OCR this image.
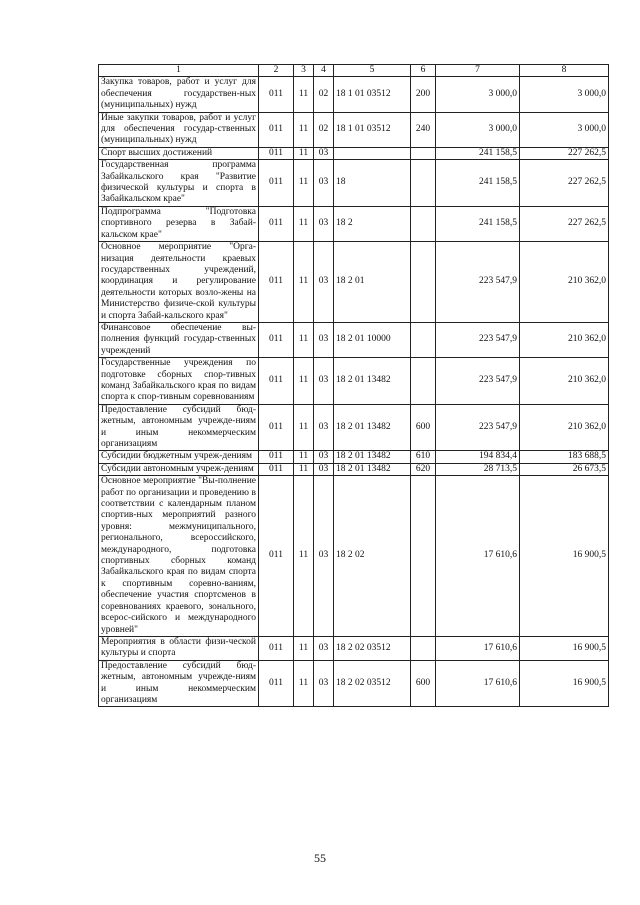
1	2	3	4	5	6	7	8
Закупка товаров, работ и услуг для обеспечения государствен-ных (муниципальных) нужд	011	11	02	18 1 01 03512	200	3 000,0	3 000,0
Иные закупки товаров, работ и услуг для обеспечения государ-ственных (муниципальных) нужд	011	11	02	18 1 01 03512	240	3 000,0	3 000,0
Спорт высших достижений	011	11	03			241 158,5	227 262,5
Государственная программа Забайкальского края "Развитие физической культуры и спорта в Забайкальском крае"	011	11	03	18		241 158,5	227 262,5
Подпрограмма "Подготовка спортивного резерва в Забай-кальском крае"	011	11	03	18 2		241 158,5	227 262,5
Основное мероприятие "Орга-низация деятельности краевых государственных учреждений, координация и регулирование деятельности которых возло-жены на Министерство физиче-ской культуры и спорта Забай-кальского края"	011	11	03	18 2 01		223 547,9	210 362,0
Финансовое обеспечение вы-полнения функций государ-ственных учреждений	011	11	03	18 2 01 10000		223 547,9	210 362,0
Государственные учреждения по подготовке сборных спор-тивных команд Забайкальского края по видам спорта к спор-тивным соревнованиям	011	11	03	18 2 01 13482		223 547,9	210 362,0
Предоставление субсидий бюд-жетным, автономным учрежде-ниям и иным некоммерческим организациям	011	11	03	18 2 01 13482	600	223 547,9	210 362,0
Субсидии бюджетным учреж-дениям	011	11	03	18 2 01 13482	610	194 834,4	183 688,5
Субсидии автономным учреж-дениям	011	11	03	18 2 01 13482	620	28 713,5	26 673,5
Основное мероприятие "Вы-полнение работ по организации и проведению в соответствии с календарным планом спортив-ных мероприятий разного уровня: межмуниципального, регионального, всероссийского, международного, подготовка спортивных сборных команд Забайкальского края по видам спорта к спортивным соревно-ваниям, обеспечение участия спортсменов в соревнованиях краевого, зонального, всерос-сийского и международного уровней"	011	11	03	18 2 02		17 610,6	16 900,5
Мероприятия в области физи-ческой культуры и спорта	011	11	03	18 2 02 03512		17 610,6	16 900,5
Предоставление субсидий бюд-жетным, автономным учрежде-ниям и иным некоммерческим организациям	011	11	03	18 2 02 03512	600	17 610,6	16 900,5
55
